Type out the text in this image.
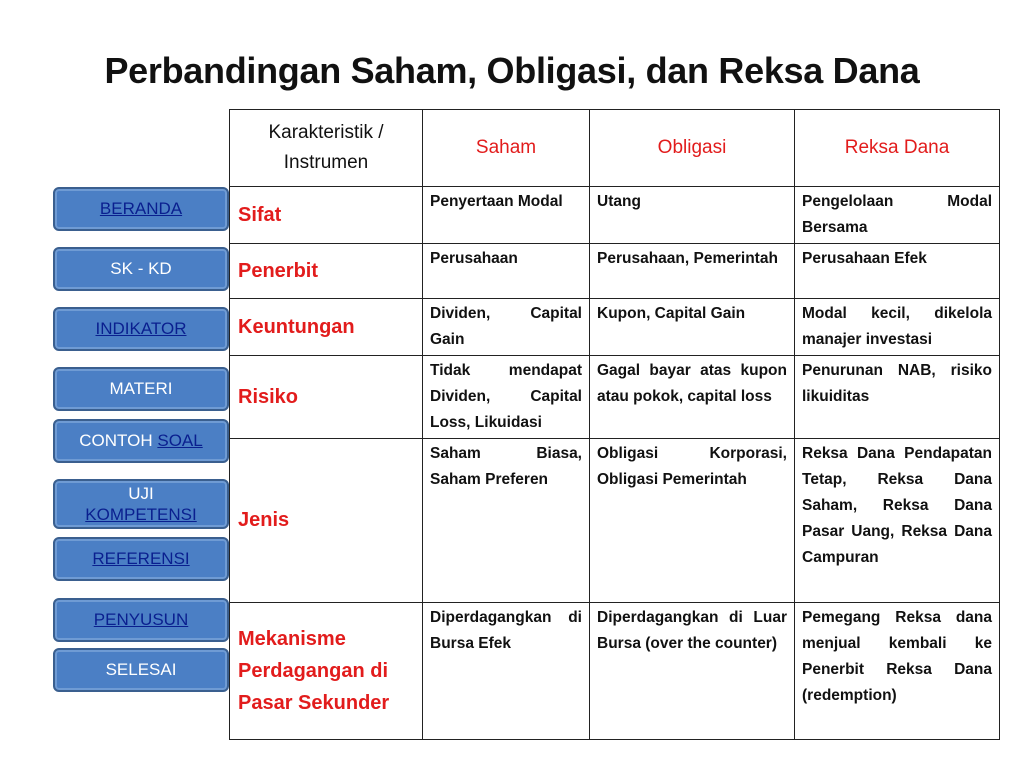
Perbandingan Saham, Obligasi, dan Reksa Dana
BERANDA
SK - KD
INDIKATOR
MATERI
CONTOH SOAL
UJI
KOMPETENSI
REFERENSI
PENYUSUN
SELESAI
Karakteristik / Instrumen	Saham	Obligasi	Reksa Dana
Sifat	Penyertaan Modal	Utang	Pengelolaan Modal Bersama
Penerbit	Perusahaan	Perusahaan, Pemerintah	Perusahaan Efek
Keuntungan	Dividen, Capital Gain	Kupon, Capital Gain	Modal kecil, dikelola manajer investasi
Risiko	Tidak mendapat Dividen, Capital Loss, Likuidasi	Gagal bayar atas kupon atau pokok, capital loss	Penurunan NAB, risiko likuiditas
Jenis	Saham Biasa, Saham Preferen	Obligasi Korporasi, Obligasi Pemerintah	Reksa Dana Pendapatan Tetap, Reksa Dana Saham, Reksa Dana Pasar Uang, Reksa Dana Campuran
Mekanisme Perdagangan di Pasar Sekunder	Diperdagangkan di Bursa Efek	Diperdagangkan di Luar Bursa (over the counter)	Pemegang Reksa dana menjual kembali ke Penerbit Reksa Dana (redemption)
